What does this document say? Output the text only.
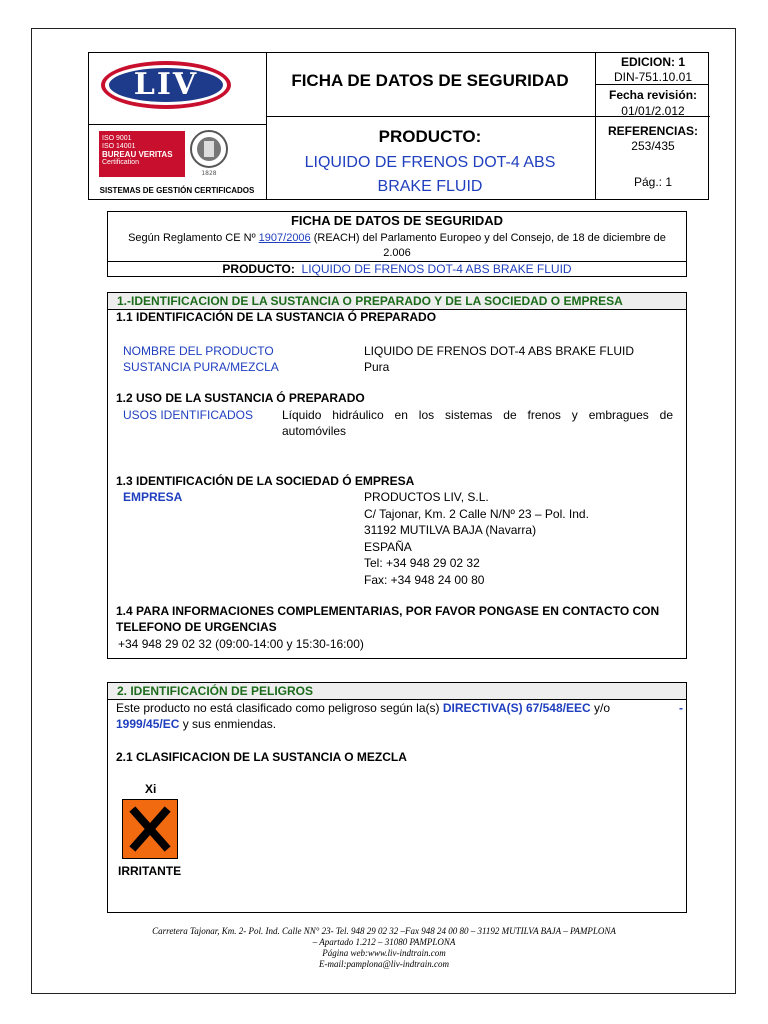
LIV
ISO 9001
ISO 14001
BUREAU VERITAS
Certification
1828
SISTEMAS DE GESTIÓN CERTIFICADOS
FICHA DE DATOS DE SEGURIDAD
PRODUCTO:
LIQUIDO DE FRENOS DOT-4 ABS
BRAKE FLUID
EDICION: 1
DIN-751.10.01
Fecha revisión:
01/01/2.012
REFERENCIAS:
253/435
Pág.: 1
FICHA DE DATOS DE SEGURIDAD
Según Reglamento CE Nº 1907/2006 (REACH) del Parlamento Europeo y del Consejo, de 18 de diciembre de
2.006
PRODUCTO: LIQUIDO DE FRENOS DOT-4 ABS BRAKE FLUID
1.-IDENTIFICACION DE LA SUSTANCIA O PREPARADO Y DE LA SOCIEDAD O EMPRESA
1.1 IDENTIFICACIÓN DE LA SUSTANCIA Ó PREPARADO
NOMBRE DEL PRODUCTO	LIQUIDO DE FRENOS DOT-4 ABS BRAKE FLUID
SUSTANCIA PURA/MEZCLA	Pura
1.2 USO DE LA SUSTANCIA Ó PREPARADO
USOS IDENTIFICADOS Líquido hidráulico en los sistemas de frenos y embragues de
automóviles
1.3 IDENTIFICACIÓN DE LA SOCIEDAD Ó EMPRESA
EMPRESA	PRODUCTOS LIV, S.L.
C/ Tajonar, Km. 2 Calle N/Nº 23 – Pol. Ind.
31192 MUTILVA BAJA (Navarra)
ESPAÑA
Tel: +34 948 29 02 32
Fax: +34 948 24 00 80
1.4 PARA INFORMACIONES COMPLEMENTARIAS, POR FAVOR PONGASE EN CONTACTO CON
TELEFONO DE URGENCIAS
+34 948 29 02 32 (09:00-14:00 y 15:30-16:00)
2. IDENTIFICACIÓN DE PELIGROS
Este producto no está clasificado como peligroso según la(s) DIRECTIVA(S) 67/548/EEC y/o	-
1999/45/EC y sus enmiendas.
2.1 CLASIFICACION DE LA SUSTANCIA O MEZCLA
Xi
IRRITANTE
Carretera Tajonar, Km. 2- Pol. Ind. Calle NN° 23- Tel. 948 29 02 32 –Fax 948 24 00 80 – 31192 MUTILVA BAJA – PAMPLONA
– Apartado 1.212 – 31080 PAMPLONA
Página web:www.liv-indtrain.com
E-mail:pamplona@liv-indtrain.com
